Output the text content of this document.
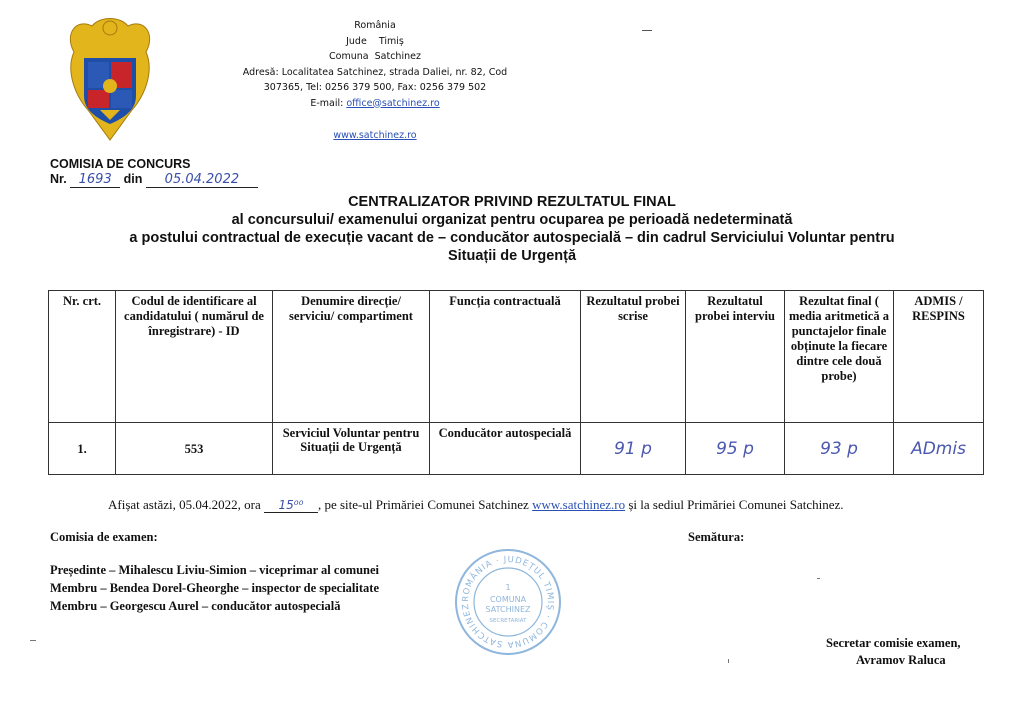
România
Jude    Timiș
Comuna  Satchinez
Adresă: Localitatea Satchinez, strada Daliei, nr. 82, Cod
307365, Tel: 0256 379 500, Fax: 0256 379 502
E-mail: office@satchinez.ro
www.satchinez.ro
COMISIA DE CONCURS
Nr. 1693 din 05.04.2022
CENTRALIZATOR PRIVIND REZULTATUL FINAL
al concursului/ examenului organizat pentru ocuparea pe perioadă nedeterminată
a postului contractual de execuție vacant de – conducător autospecială – din cadrul Serviciului Voluntar pentru
Situații de Urgență
Nr. crt.	Codul de identificare al candidatului ( numărul de înregistrare) - ID	Denumire direcție/ serviciu/ compartiment	Funcția contractuală	Rezultatul probei scrise	Rezultatul probei interviu	Rezultat final ( media aritmetică a punctajelor finale obținute la fiecare dintre cele două probe)	ADMIS / RESPINS
1.	553	Serviciul Voluntar pentru Situații de Urgență	Conducător autospecială	91 p	95 p	93 p	ADmis
Afișat astăzi, 05.04.2022, ora 15⁰⁰ , pe site-ul Primăriei Comunei Satchinez www.satchinez.ro și la sediul Primăriei Comunei Satchinez.
Comisia de examen:	Semătura:
Președinte – Mihalescu Liviu-Simion – viceprimar al comunei
Membru – Bendea Dorel-Gheorghe – inspector de specialitate
Membru – Georgescu Aurel – conducător autospecială
Secretar comisie examen,
Avramov Raluca
ROMÂNIA · JUDEȚUL TIMIȘ · COMUNA SATCHINEZ
1
COMUNA
SATCHINEZ
SECRETARIAT
